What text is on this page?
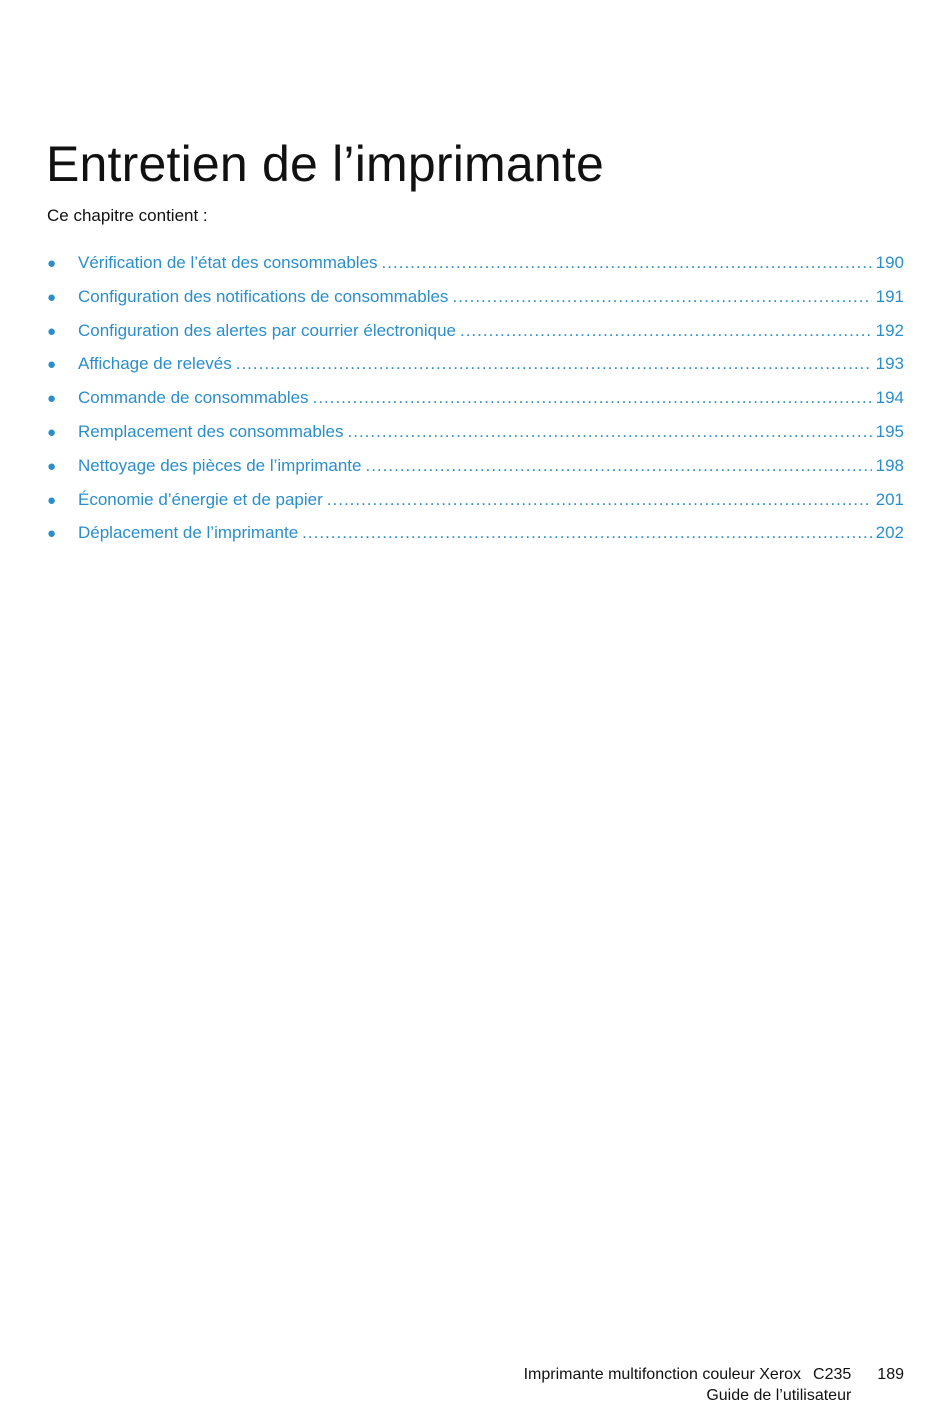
Entretien de l’imprimante
Ce chapitre contient :
●	Vérification de l’état des consommables .....	190
●	Configuration des notifications de consommables .....	191
●	Configuration des alertes par courrier électronique .....	192
●	Affichage de relevés .....	193
●	Commande de consommables .....	194
●	Remplacement des consommables .....	195
●	Nettoyage des pièces de l’imprimante .....	198
●	Économie d’énergie et de papier .....	201
●	Déplacement de l’imprimante .....	202
Imprimante multifonction couleur Xerox C235
Guide de l’utilisateur
189
